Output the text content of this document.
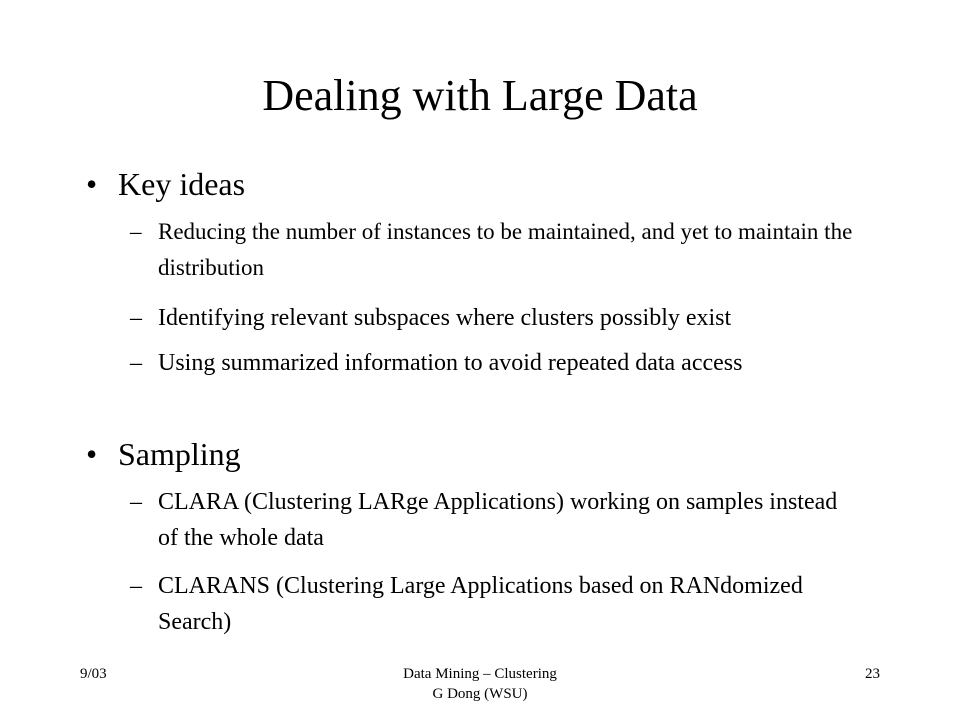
Dealing with Large Data
• Key ideas
– Reducing the number of instances to be maintained, and yet to maintain the distribution
– Identifying relevant subspaces where clusters possibly exist
– Using summarized information to avoid repeated data access
• Sampling
– CLARA (Clustering LARge Applications) working on samples instead of the whole data
– CLARANS (Clustering Large Applications based on RANdomized Search)
9/03	Data Mining – Clustering
G Dong (WSU)
23
